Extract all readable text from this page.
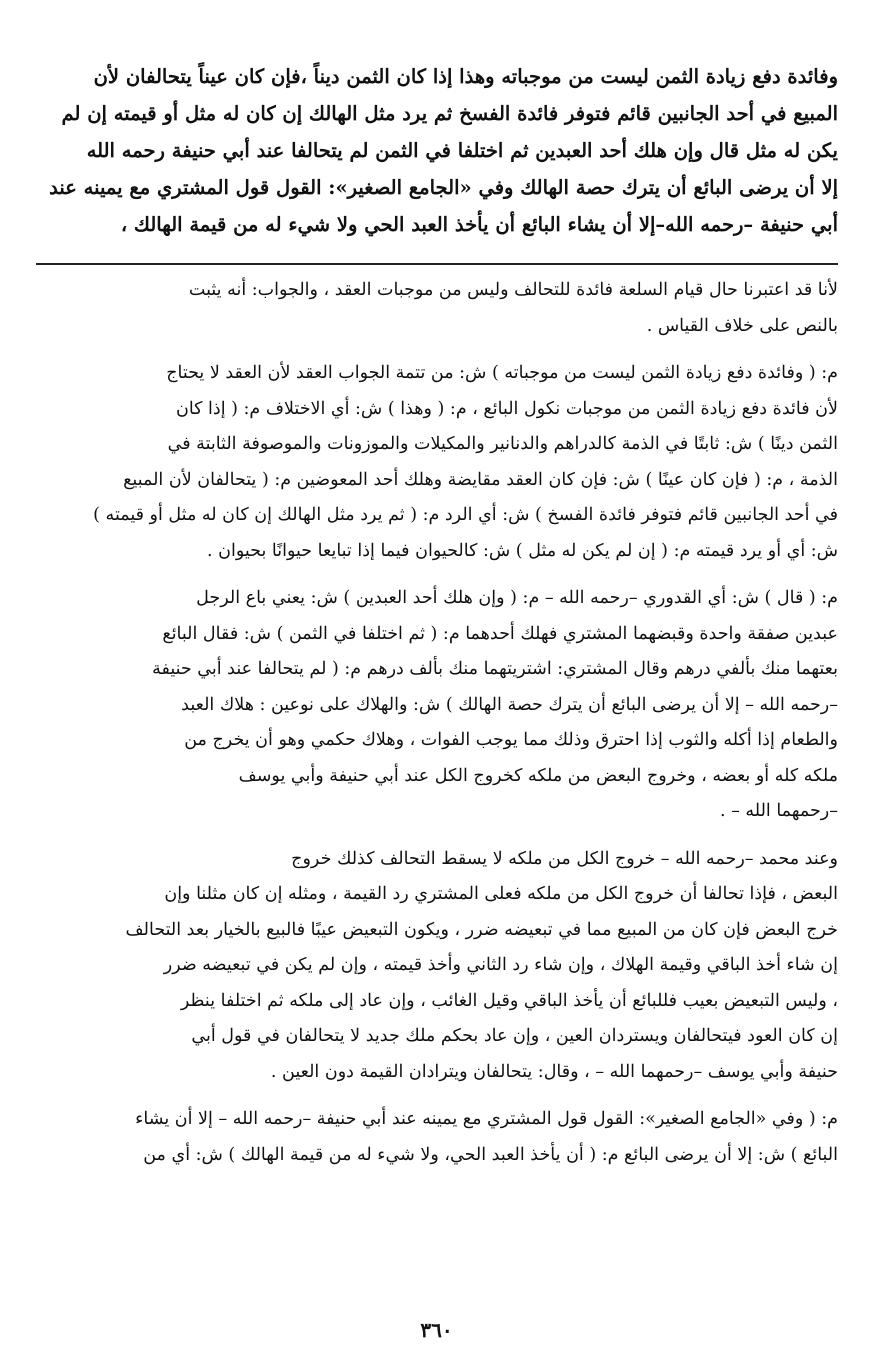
وفائدة دفع زيادة الثمن ليست من موجباته وهذا إذا كان الثمن ديناً ،فإن كان عيناً يتحالفان لأن
المبيع في أحد الجانبين قائم فتوفر فائدة الفسخ ثم يرد مثل الهالك إن كان له مثل أو قيمته إن لم
يكن له مثل قال وإن هلك أحد العبدين ثم اختلفا في الثمن لم يتحالفا عند أبي حنيفة رحمه الله
إلا أن يرضى البائع أن يترك حصة الهالك وفي «الجامع الصغير»: القول قول المشتري مع يمينه عند
أبي حنيفة –رحمه الله–إلا أن يشاء البائع أن يأخذ العبد الحي ولا شيء له من قيمة الهالك ،

لأنا قد اعتبرنا حال قيام السلعة فائدة للتحالف وليس من موجبات العقد ، والجواب: أنه يثبت
بالنص على خلاف القياس .

م: ( وفائدة دفع زيادة الثمن ليست من موجباته ) ش: من تتمة الجواب العقد لأن العقد لا يحتاج
لأن فائدة دفع زيادة الثمن من موجبات نكول البائع ، م: ( وهذا ) ش: أي الاختلاف م: ( إذا كان
الثمن دينًا ) ش: ثابتًا في الذمة كالدراهم والدنانير والمكيلات والموزونات والموصوفة الثابتة في
الذمة ، م: ( فإن كان عينًا ) ش: فإن كان العقد مقايضة وهلك أحد المعوضين م: ( يتحالفان لأن المبيع
في أحد الجانبين قائم فتوفر فائدة الفسخ ) ش: أي الرد م: ( ثم يرد مثل الهالك إن كان له مثل أو قيمته )
ش: أي أو يرد قيمته م: ( إن لم يكن له مثل ) ش: كالحيوان فيما إذا تبايعا حيوانًا بحيوان .

م: ( قال ) ش: أي القدوري –رحمه الله – م: ( وإن هلك أحد العبدين ) ش: يعني باع الرجل
عبدين صفقة واحدة وقبضهما المشتري فهلك أحدهما م: ( ثم اختلفا في الثمن ) ش: فقال البائع
بعتهما منك بألفي درهم وقال المشتري: اشتريتهما منك بألف درهم م: ( لم يتحالفا عند أبي حنيفة
–رحمه الله – إلا أن يرضى البائع أن يترك حصة الهالك ) ش: والهلاك على نوعين : هلاك العبد
والطعام إذا أكله والثوب إذا احترق وذلك مما يوجب الفوات ، وهلاك حكمي وهو أن يخرج من
ملكه كله أو بعضه ، وخروج البعض من ملكه كخروج الكل عند أبي حنيفة وأبي يوسف
–رحمهما الله – .

وعند محمد –رحمه الله – خروج الكل من ملكه لا يسقط التحالف كذلك خروج
البعض ، فإذا تحالفا أن خروج الكل من ملكه فعلى المشتري رد القيمة ، ومثله إن كان مثلنا وإن
خرج البعض فإن كان من المبيع مما في تبعيضه ضرر ، ويكون التبعيض عيبًا فالبيع بالخيار بعد التحالف
إن شاء أخذ الباقي وقيمة الهلاك ، وإن شاء رد الثاني وأخذ قيمته ، وإن لم يكن في تبعيضه ضرر
، وليس التبعيض بعيب فللبائع أن يأخذ الباقي وقيل الغائب ، وإن عاد إلى ملكه ثم اختلفا ينظر
إن كان العود فيتحالفان ويستردان العين ، وإن عاد بحكم ملك جديد لا يتحالفان في قول أبي
حنيفة وأبي يوسف –رحمهما الله – ، وقال: يتحالفان ويترادان القيمة دون العين .

م: ( وفي «الجامع الصغير»: القول قول المشتري مع يمينه عند أبي حنيفة –رحمه الله – إلا أن يشاء
البائع ) ش: إلا أن يرضى البائع م: ( أن يأخذ العبد الحي، ولا شيء له من قيمة الهالك ) ش: أي من

٣٦٠
